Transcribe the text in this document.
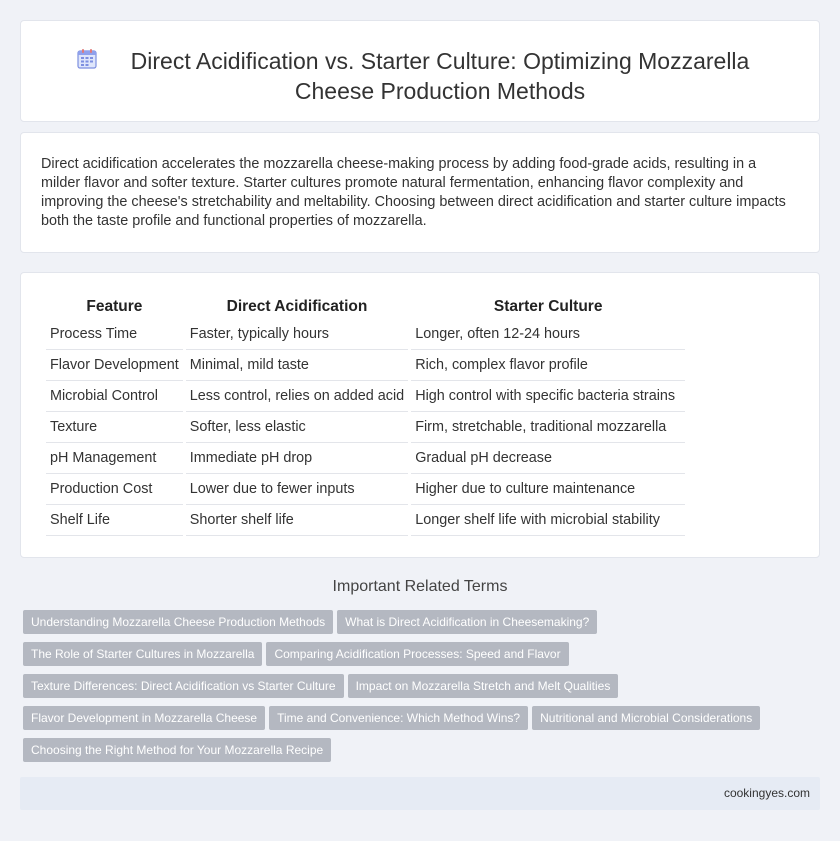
Direct Acidification vs. Starter Culture: Optimizing Mozzarella Cheese Production Methods

Direct acidification accelerates the mozzarella cheese-making process by adding food-grade acids, resulting in a milder flavor and softer texture. Starter cultures promote natural fermentation, enhancing flavor complexity and improving the cheese's stretchability and meltability. Choosing between direct acidification and starter culture impacts both the taste profile and functional properties of mozzarella.

Feature	Direct Acidification	Starter Culture
Process Time	Faster, typically hours	Longer, often 12-24 hours
Flavor Development	Minimal, mild taste	Rich, complex flavor profile
Microbial Control	Less control, relies on added acid	High control with specific bacteria strains
Texture	Softer, less elastic	Firm, stretchable, traditional mozzarella
pH Management	Immediate pH drop	Gradual pH decrease
Production Cost	Lower due to fewer inputs	Higher due to culture maintenance
Shelf Life	Shorter shelf life	Longer shelf life with microbial stability
Important Related Terms
Understanding Mozzarella Cheese Production Methods What is Direct Acidification in Cheesemaking?
The Role of Starter Cultures in Mozzarella Comparing Acidification Processes: Speed and Flavor
Texture Differences: Direct Acidification vs Starter Culture Impact on Mozzarella Stretch and Melt Qualities
Flavor Development in Mozzarella Cheese Time and Convenience: Which Method Wins? Nutritional and Microbial Considerations
Choosing the Right Method for Your Mozzarella Recipe
cookingyes.com
